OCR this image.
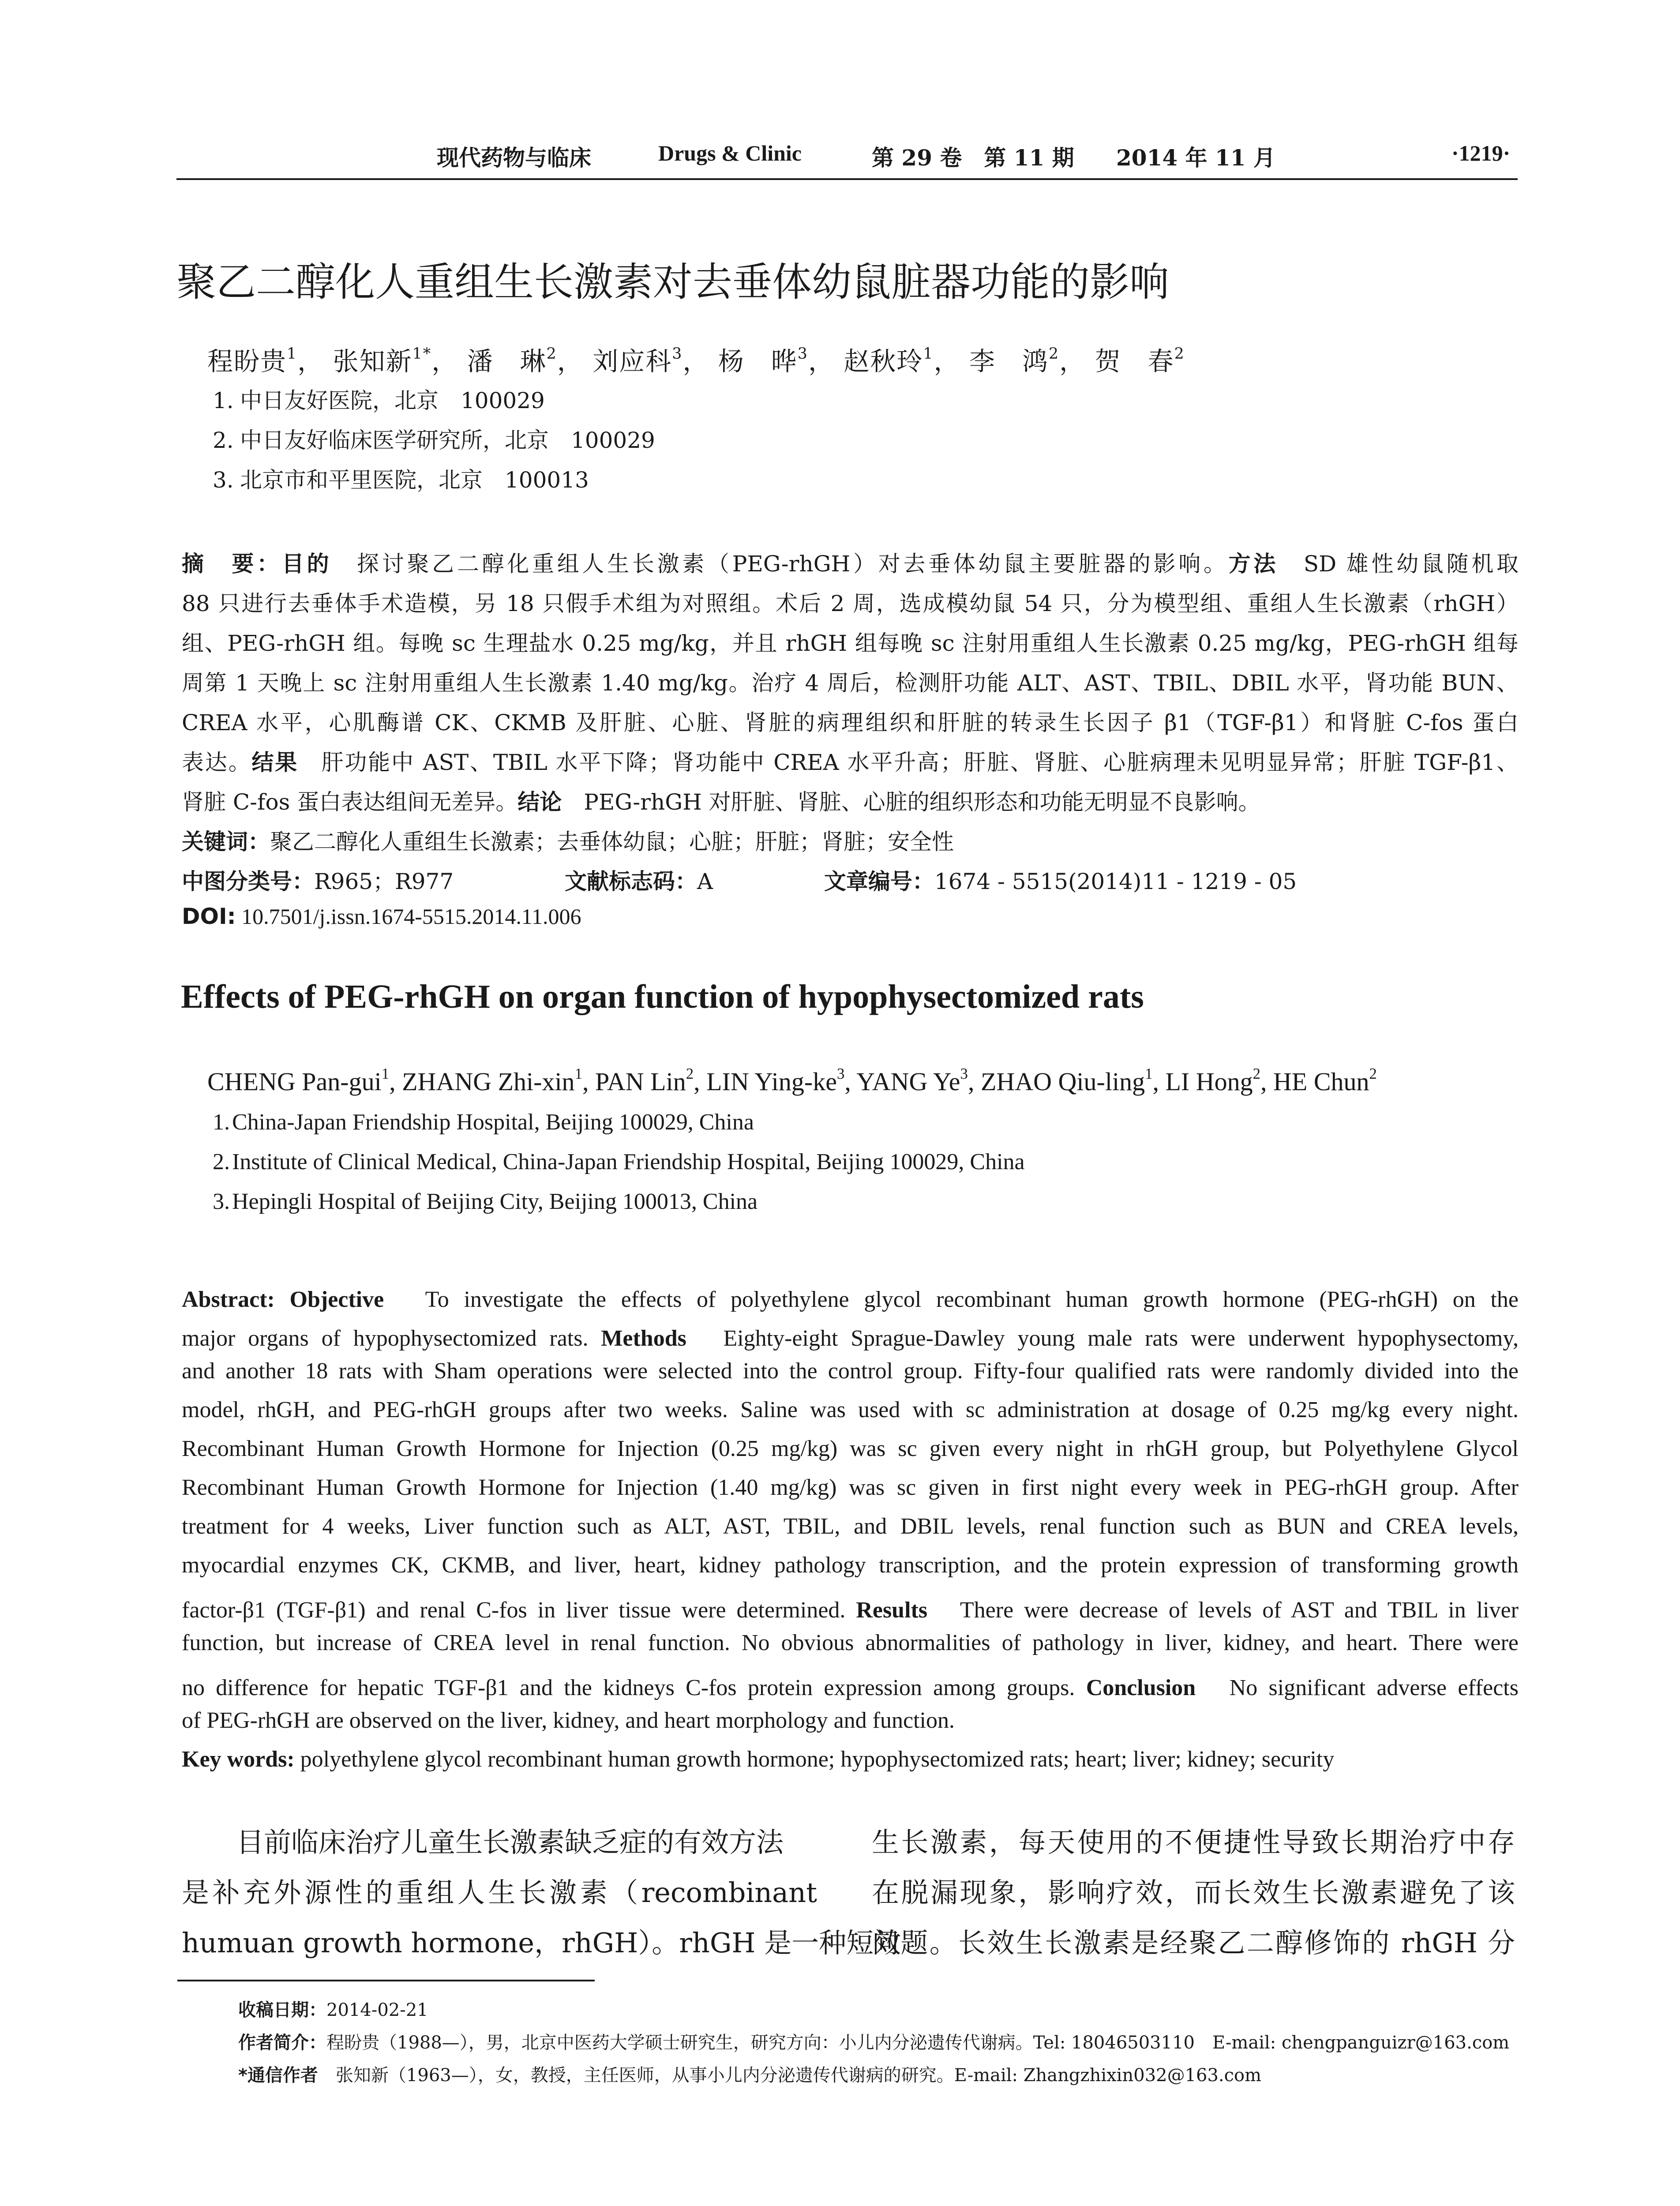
现代药物与临床	Drugs & Clinic	第 29 卷　第 11 期 2014 年 11 月	·1219·
聚乙二醇化人重组生长激素对去垂体幼鼠脏器功能的影响
程盼贵$^1$， 张知新$^{1*}$， 潘　琳$^2$， 刘应科$^3$， 杨　晔$^3$， 赵秋玲$^1$， 李　鸿$^2$， 贺　春$^2$
1. 中日友好医院，北京　100029
2. 中日友好临床医学研究所，北京　100029
3. 北京市和平里医院，北京　100013
摘　要：目的　 探讨聚乙二醇化重组人生长激素（PEG-rhGH）对去垂体幼鼠主要脏器的影响。方法　 SD 雄性幼鼠随机取
88 只进行去垂体手术造模，另 18 只假手术组为对照组。术后 2 周，选成模幼鼠 54 只，分为模型组、重组人生长激素（rhGH）
组、PEG-rhGH 组。每晚 sc 生理盐水 0.25 mg/kg，并且 rhGH 组每晚 sc 注射用重组人生长激素 0.25 mg/kg，PEG-rhGH 组每
周第 1 天晚上 sc 注射用重组人生长激素 1.40 mg/kg。治疗 4 周后，检测肝功能 ALT、AST、TBIL、DBIL 水平，肾功能 BUN、
CREA 水平，心肌酶谱 CK、CKMB 及肝脏、心脏、肾脏的病理组织和肝脏的转录生长因子 β1（TGF-β1）和肾脏 C-fos 蛋白
表达。结果　 肝功能中 AST、TBIL 水平下降；肾功能中 CREA 水平升高；肝脏、肾脏、心脏病理未见明显异常；肝脏 TGF-β1、
肾脏 C-fos 蛋白表达组间无差异。结论　 PEG-rhGH 对肝脏、肾脏、心脏的组织形态和功能无明显不良影响。
关键词：聚乙二醇化人重组生长激素；去垂体幼鼠；心脏；肝脏；肾脏；安全性
中图分类号：R965；R977	文献标志码：A	文章编号：1674 - 5515(2014)11 - 1219 - 05
DOI: 10.7501/j.issn.1674-5515.2014.11.006
Effects of PEG-rhGH on organ function of hypophysectomized rats
CHENG Pan-gui$^1$, ZHANG Zhi-xin$^1$, PAN Lin$^2$, LIN Ying-$ke^3$, YANG Ye$^3$, ZHAO Qiu-ling$^1$, LI Hong$^2$, HE Chun$^2$
1.China-Japan Friendship Hospital, Beijing 100029, China
2.Institute of Clinical Medical, China-Japan Friendship Hospital, Beijing 100029, China
3.Hepingli Hospital of Beijing City, Beijing 100013, China
Abstract: Objective　 To investigate the effects of polyethylene glycol recombinant human growth hormone (PEG-rhGH) on the
major organs of hypophysectomized rats. Methods　 Eighty-eight Sprague-Dawley young male rats were underwent hypophysectomy,
and another 18 rats with Sham operations were selected into the control group. Fifty-four qualified rats were randomly divided into the
model, rhGH, and PEG-rhGH groups after two weeks. Saline was used with sc administration at dosage of 0.25 mg/kg every night.
Recombinant Human Growth Hormone for Injection (0.25 mg/kg) was sc given every night in rhGH group, but Polyethylene Glycol
Recombinant Human Growth Hormone for Injection (1.40 mg/kg) was sc given in first night every week in PEG-rhGH group. After
treatment for 4 weeks, Liver function such as ALT, AST, TBIL, and DBIL levels, renal function such as BUN and CREA levels,
myocardial enzymes CK, CKMB, and liver, heart, kidney pathology transcription, and the protein expression of transforming growth
factor-β1 (TGF-β1) and renal C-fos in liver tissue were determined. Results　 There were decrease of levels of AST and TBIL in liver
function, but increase of CREA level in renal function. No obvious abnormalities of pathology in liver, kidney, and heart. There were
no difference for hepatic TGF-β1 and the kidneys C-fos protein expression among groups. Conclusion　 No significant adverse effects
of PEG-rhGH are observed on the liver, kidney, and heart morphology and function.
Key words: polyethylene glycol recombinant human growth hormone; hypophysectomized rats; heart; liver; kidney; security
目前临床治疗儿童生长激素缺乏症的有效方法
是补充外源性的重组人生长激素（recombinant
humuan growth hormone，rhGH）。rhGH 是一种短效
生长激素，每天使用的不便捷性导致长期治疗中存
在脱漏现象，影响疗效，而长效生长激素避免了该
问题。长效生长激素是经聚乙二醇修饰的 rhGH 分
收稿日期：2014-02-21
作者简介：程盼贵（1988—），男，北京中医药大学硕士研究生，研究方向：小儿内分泌遗传代谢病。Tel: 18046503110　E-mail: chengpanguizr@163.com
*通信作者　 张知新（1963—），女，教授，主任医师，从事小儿内分泌遗传代谢病的研究。E-mail: Zhangzhixin032@163.com
